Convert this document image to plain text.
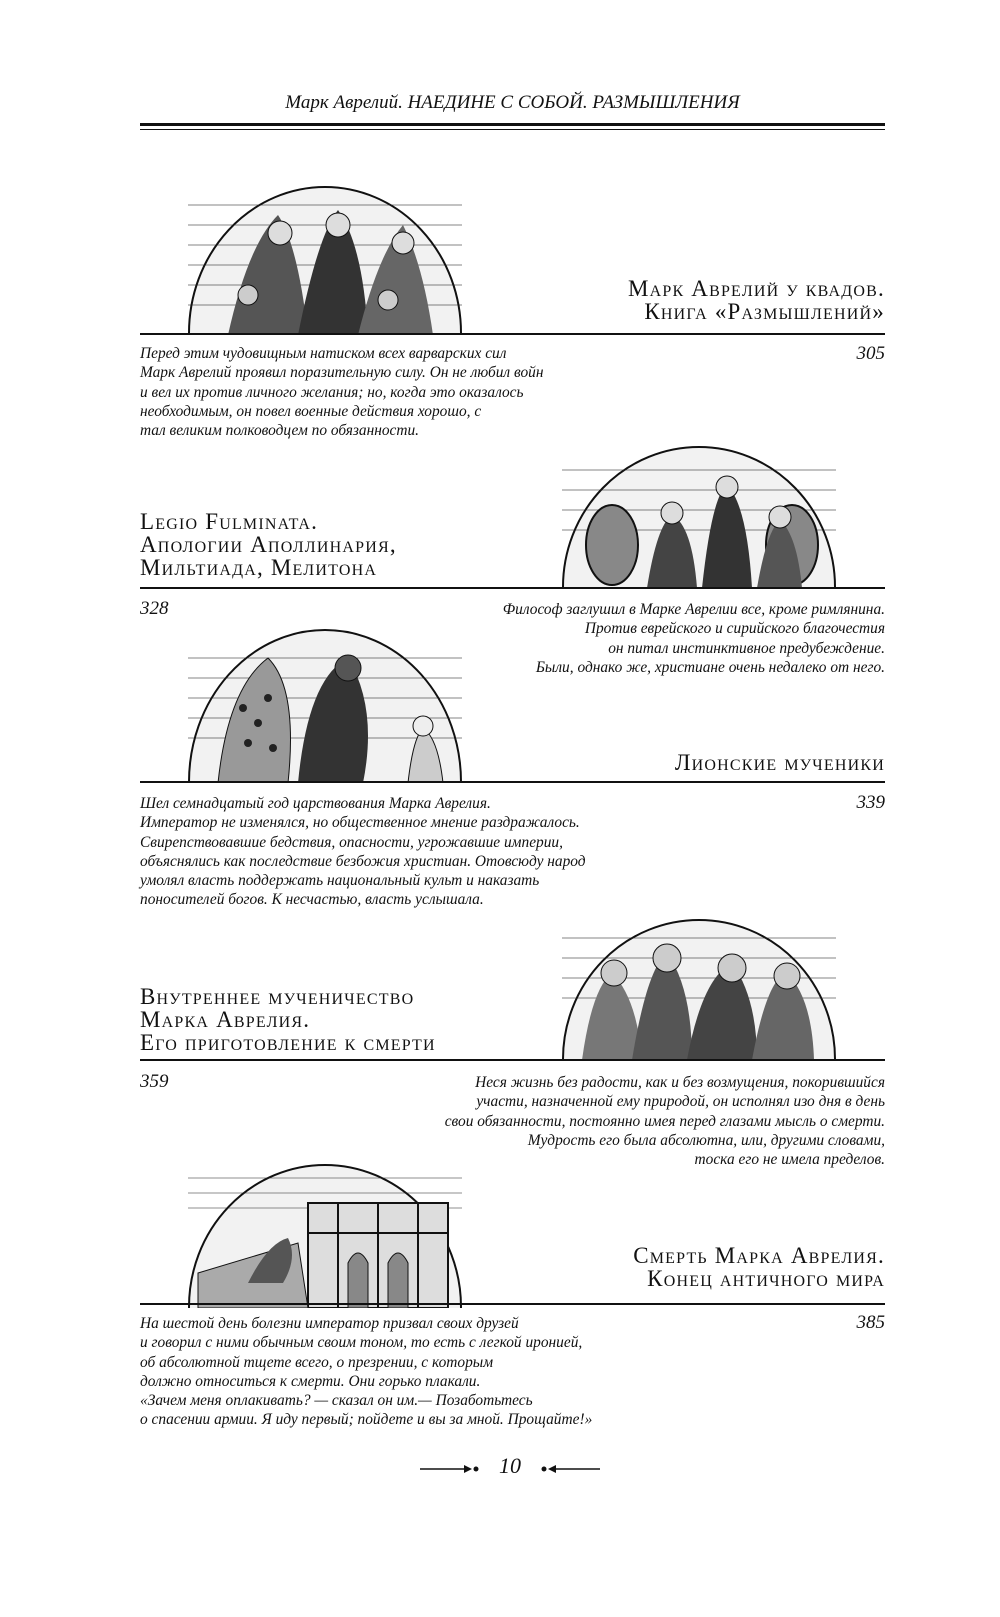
Марк Аврелий. НАЕДИНЕ С СОБОЙ. РАЗМЫШЛЕНИЯ
Марк Аврелий у квадов.
Книга «Размышлений»
305
Перед этим чудовищным натиском всех варварских сил
Марк Аврелий проявил поразительную силу. Он не любил войн
и вел их против личного желания; но, когда это оказалось
необходимым, он повел военные действия хорошо, с
тал великим полководцем по обязанности.
Legio Fulminata.
Апологии Аполлинария,
Мильтиада, Мелитона
328	Философ заглушил в Марке Аврелии все, кроме римлянина.
Против еврейского и сирийского благочестия
он питал инстинктивное предубеждение.
Были, однако же, христиане очень недалеко от него.
Лионские мученики
339
Шел семнадцатый год царствования Марка Аврелия.
Император не изменялся, но общественное мнение раздражалось.
Свирепствовавшие бедствия, опасности, угрожавшие империи,
объяснялись как последствие безбожия христиан. Отовсюду народ
умолял власть поддержать национальный культ и наказать
поносителей богов. К несчастью, власть услышала.
Внутреннее мученичество
Марка Аврелия.
Его приготовление к смерти
359	Неся жизнь без радости, как и без возмущения, покорившийся
участи, назначенной ему природой, он исполнял изо дня в день
свои обязанности, постоянно имея перед глазами мысль о смерти.
Мудрость его была абсолютна, или, другими словами,
тоска его не имела пределов.
Смерть Марка Аврелия.
Конец античного мира
385
На шестой день болезни император призвал своих друзей
и говорил с ними обычным своим тоном, то есть с легкой иронией,
об абсолютной тщете всего, о презрении, с которым
должно относиться к смерти. Они горько плакали.
«Зачем меня оплакивать? — сказал он им.— Позаботьтесь
о спасении армии. Я иду первый; пойдете и вы за мной. Прощайте!»
10
